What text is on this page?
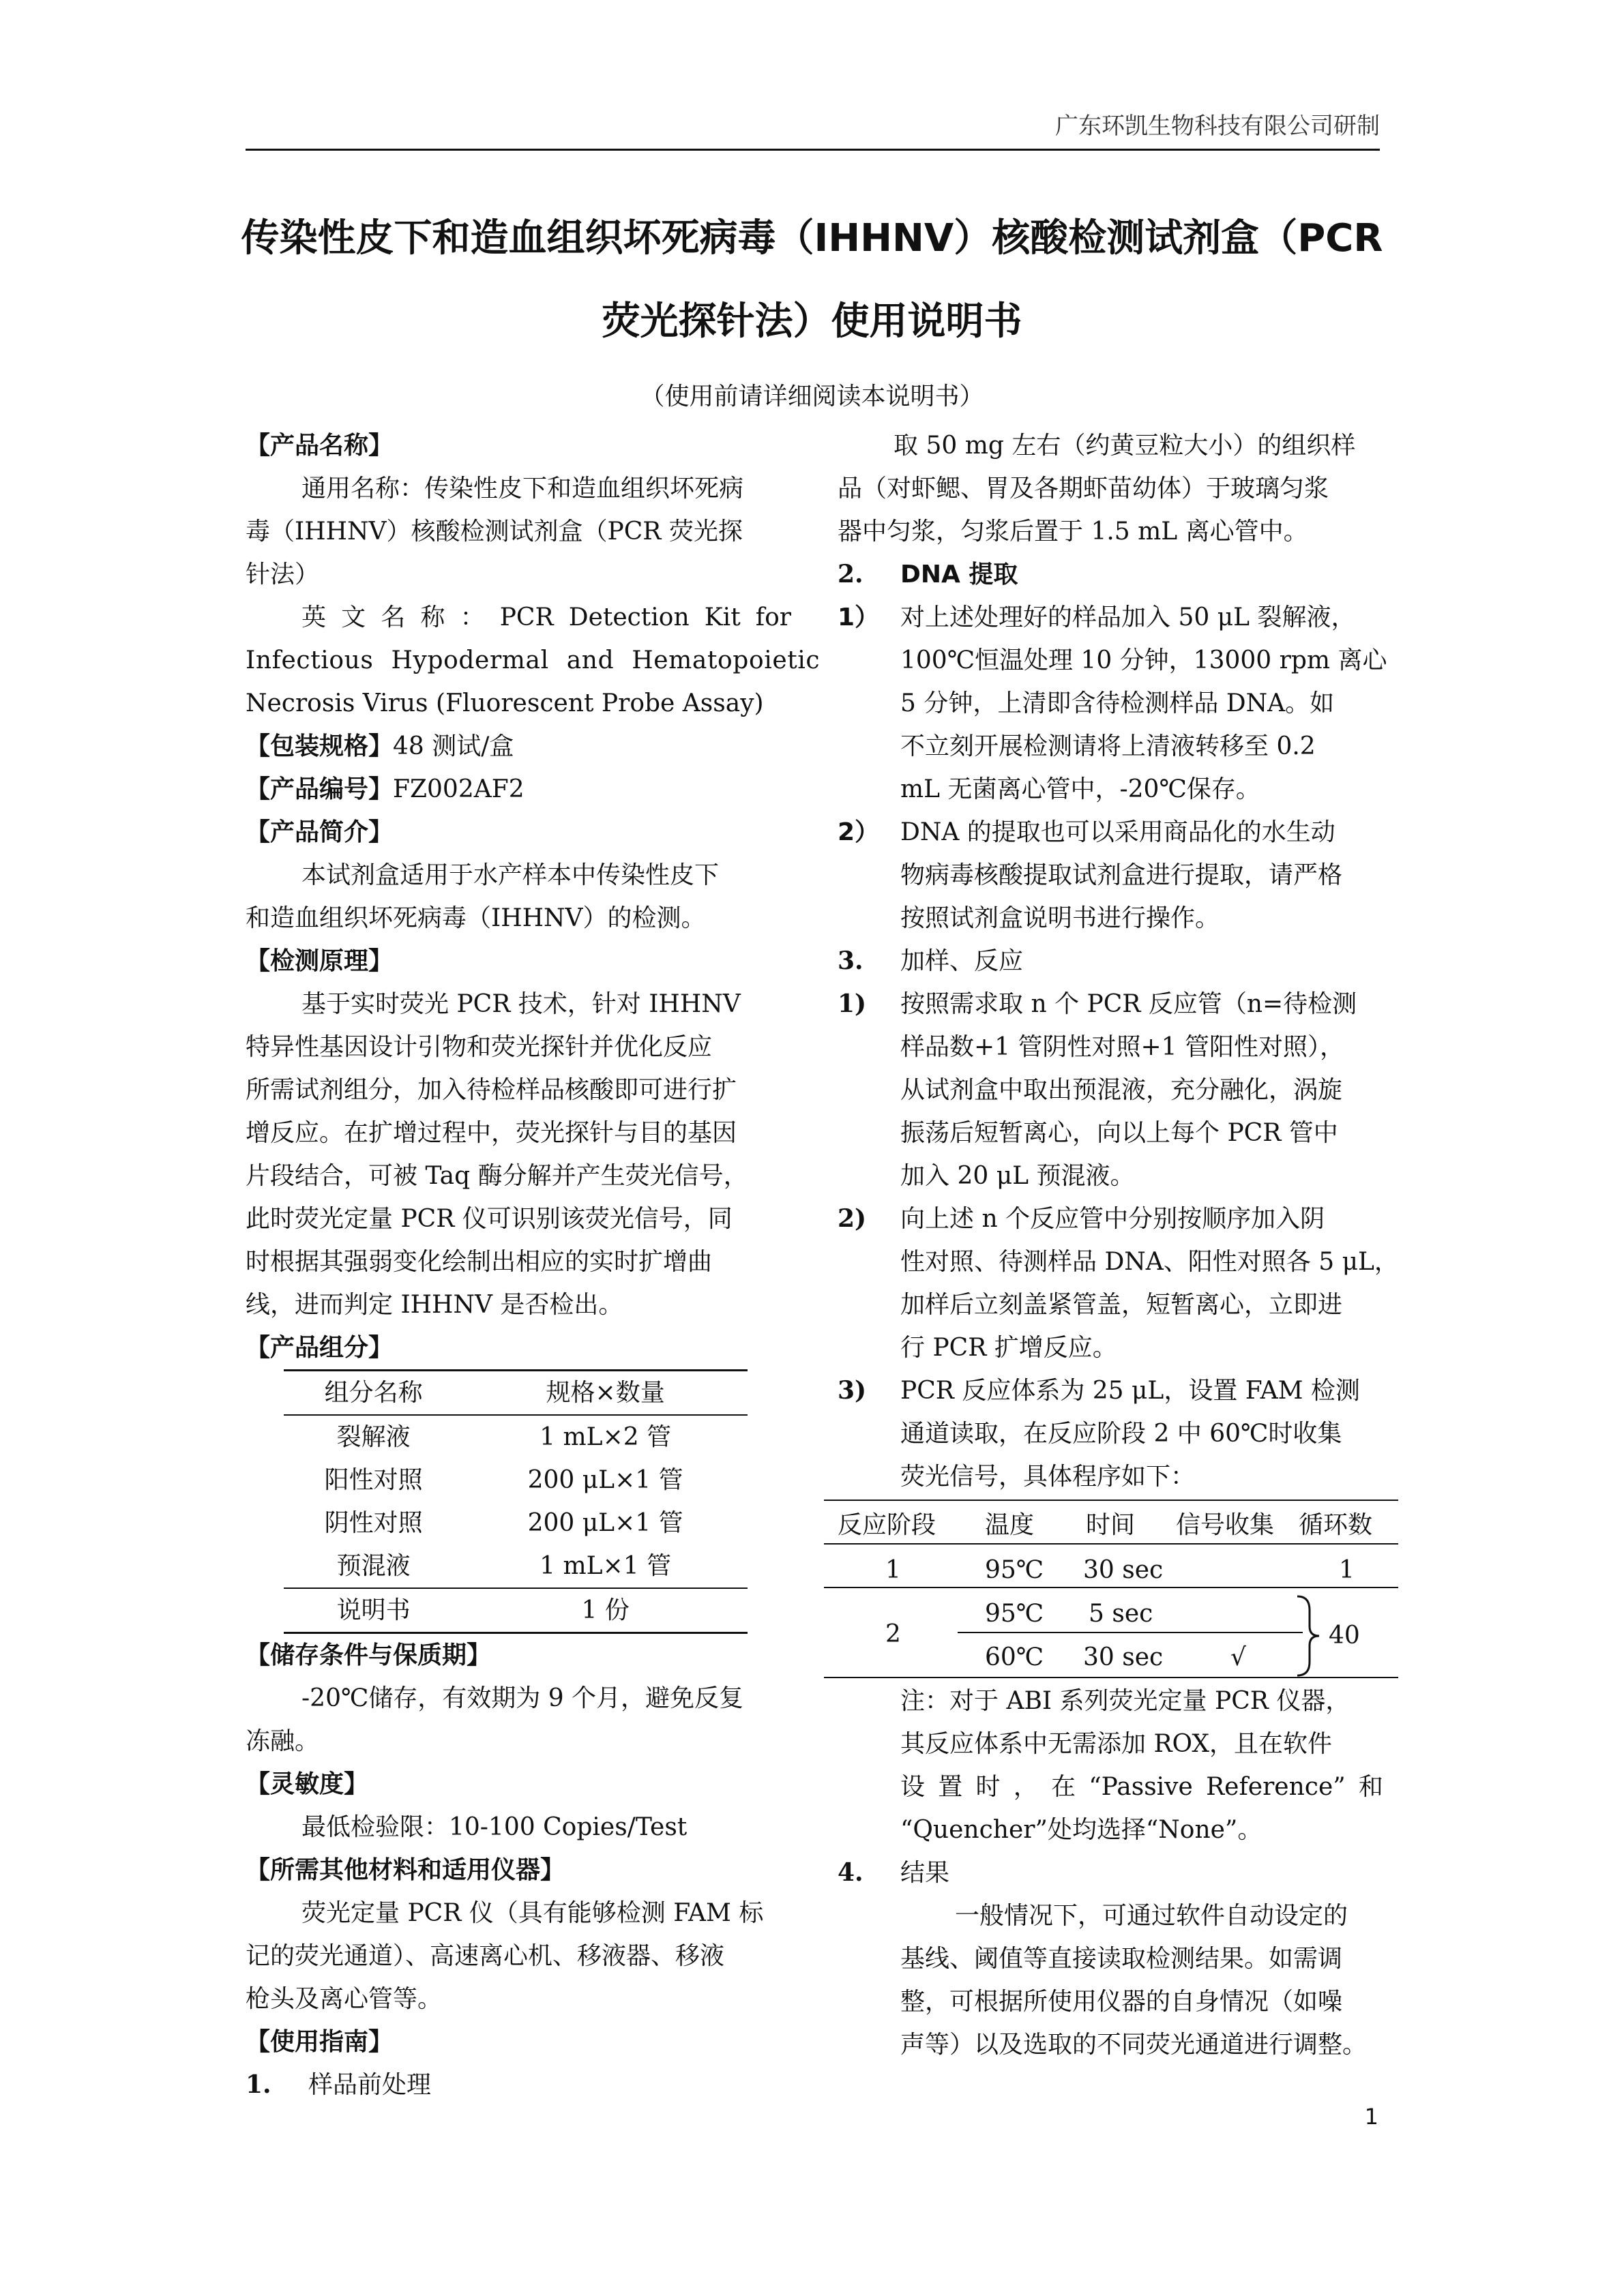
广东环凯生物科技有限公司研制
传染性皮下和造血组织坏死病毒（IHHNV）核酸检测试剂盒（PCR
荧光探针法）使用说明书
（使用前请详细阅读本说明书）
【产品名称】
通用名称：传染性皮下和造血组织坏死病
毒（IHHNV）核酸检测试剂盒（PCR 荧光探
针法）
英 文 名 称 ： PCR Detection Kit for
Infectious Hypodermal and Hematopoietic
Necrosis Virus (Fluorescent Probe Assay)
【包装规格】48 测试/盒
【产品编号】FZ002AF2
【产品简介】
本试剂盒适用于水产样本中传染性皮下
和造血组织坏死病毒（IHHNV）的检测。
【检测原理】
基于实时荧光 PCR 技术，针对 IHHNV
特异性基因设计引物和荧光探针并优化反应
所需试剂组分，加入待检样品核酸即可进行扩
增反应。在扩增过程中，荧光探针与目的基因
片段结合，可被 Taq 酶分解并产生荧光信号，
此时荧光定量 PCR 仪可识别该荧光信号，同
时根据其强弱变化绘制出相应的实时扩增曲
线，进而判定 IHHNV 是否检出。
【产品组分】
组分名称	规格×数量
裂解液	1 mL×2 管
阳性对照	200 μL×1 管
阴性对照	200 μL×1 管
预混液	1 mL×1 管
说明书	1 份
【储存条件与保质期】
-20℃储存，有效期为 9 个月，避免反复
冻融。
【灵敏度】
最低检验限：10-100 Copies/Test
【所需其他材料和适用仪器】
荧光定量 PCR 仪（具有能够检测 FAM 标
记的荧光通道）、高速离心机、移液器、移液
枪头及离心管等。
【使用指南】
1.	样品前处理
取 50 mg 左右（约黄豆粒大小）的组织样
品（对虾鳃、胃及各期虾苗幼体）于玻璃匀浆
器中匀浆，匀浆后置于 1.5 mL 离心管中。
2.	DNA 提取
1） 对上述处理好的样品加入 50 μL 裂解液，
100℃恒温处理 10 分钟，13000 rpm 离心
5 分钟，上清即含待检测样品 DNA。如
不立刻开展检测请将上清液转移至 0.2
mL 无菌离心管中，-20℃保存。
2） DNA 的提取也可以采用商品化的水生动
物病毒核酸提取试剂盒进行提取，请严格
按照试剂盒说明书进行操作。
3.	加样、反应
1)	按照需求取 n 个 PCR 反应管（n=待检测
样品数+1 管阴性对照+1 管阳性对照），
从试剂盒中取出预混液，充分融化，涡旋
振荡后短暂离心，向以上每个 PCR 管中
加入 20 μL 预混液。
2)	向上述 n 个反应管中分别按顺序加入阴
性对照、待测样品 DNA、阳性对照各 5 μL，
加样后立刻盖紧管盖，短暂离心，立即进
行 PCR 扩增反应。
3)	PCR 反应体系为 25 μL，设置 FAM 检测
通道读取，在反应阶段 2 中 60℃时收集
荧光信号，具体程序如下：
反应阶段 温度 时间 信号收集 循环数
1	95℃ 30 sec	1
2
95℃ 5 sec
60℃ 30 sec	√
40
注：对于 ABI 系列荧光定量 PCR 仪器，
其反应体系中无需添加 ROX，且在软件
设 置 时 ， 在 “Passive Reference” 和
“Quencher”处均选择“None”。
4.	结果
一般情况下，可通过软件自动设定的
基线、阈值等直接读取检测结果。如需调
整，可根据所使用仪器的自身情况（如噪
声等）以及选取的不同荧光通道进行调整。
1
